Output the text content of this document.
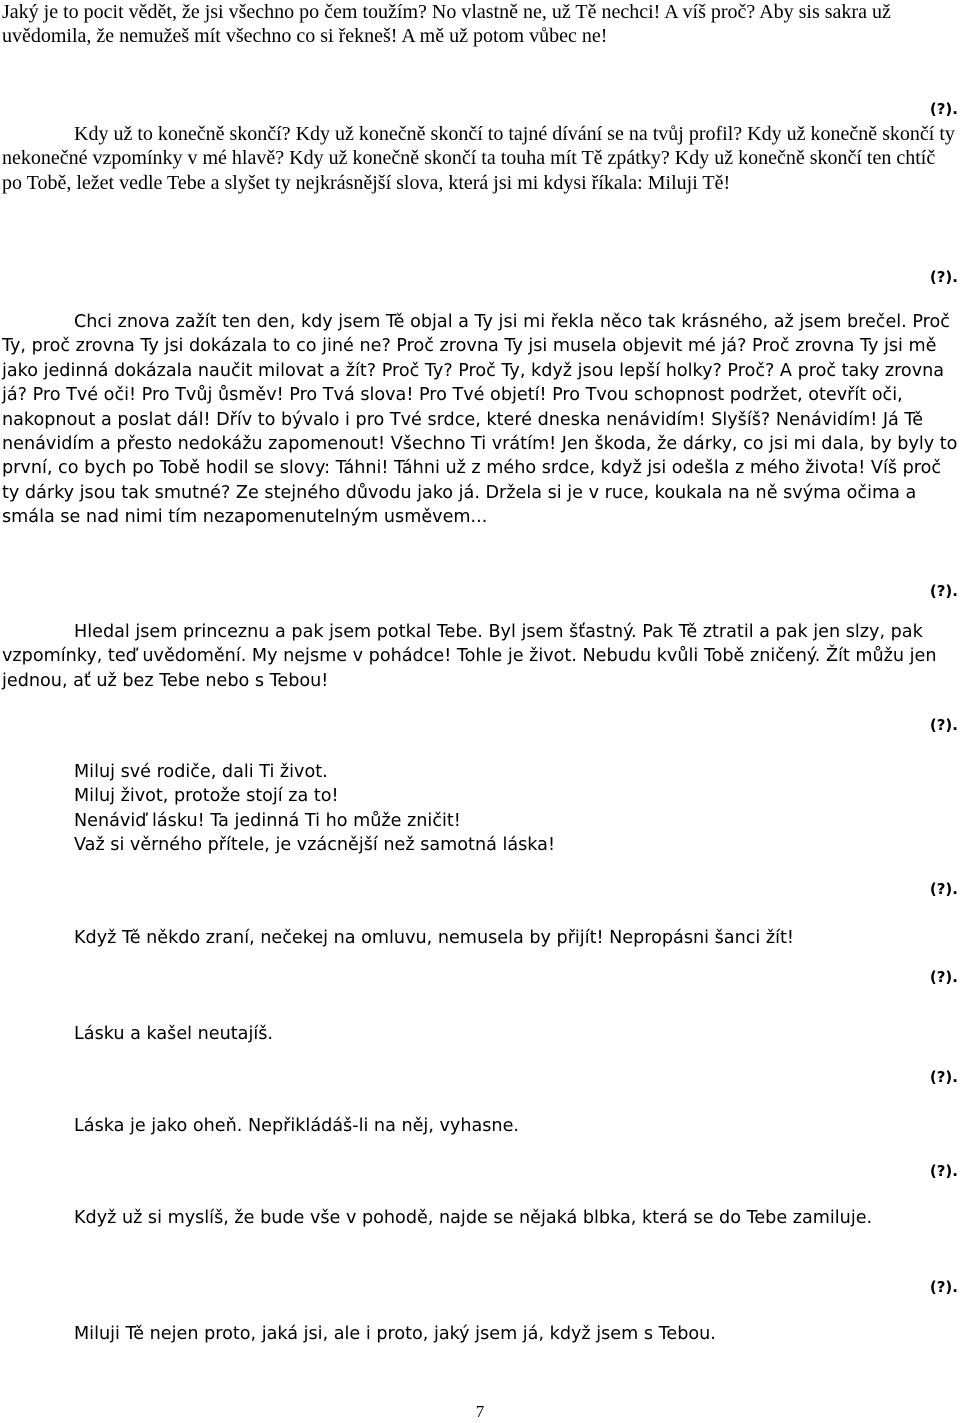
Jaký je to pocit vědět, že jsi všechno po čem toužím? No vlastně ne, už Tě nechci! A víš proč? Aby sis sakra už uvědomila, že nemužeš mít všechno co si řekneš! A mě už potom vůbec ne!
(?).
Kdy už to konečně skončí? Kdy už konečně skončí to tajné dívání se na tvůj profil? Kdy už konečně skončí ty nekonečné vzpomínky v mé hlavě? Kdy už konečně skončí ta touha mít Tě zpátky? Kdy už konečně skončí ten chtíč po Tobě, ležet vedle Tebe a slyšet ty nejkrásnější slova, která jsi mi kdysi říkala: Miluji Tě!
(?).
Chci znova zažít ten den, kdy jsem Tě objal a Ty jsi mi řekla něco tak krásného, až jsem brečel. Proč Ty, proč zrovna Ty jsi dokázala to co jiné ne? Proč zrovna Ty jsi musela objevit mé já? Proč zrovna Ty jsi mě jako jedinná dokázala naučit milovat a žít? Proč Ty? Proč Ty, když jsou lepší holky? Proč? A proč taky zrovna já? Pro Tvé oči! Pro Tvůj ůsměv! Pro Tvá slova! Pro Tvé objetí! Pro Tvou schopnost podržet, otevřít oči, nakopnout a poslat dál! Dřív to bývalo i pro Tvé srdce, které dneska nenávidím! Slyšíš? Nenávidím! Já Tě nenávidím a přesto nedokážu zapomenout! Všechno Ti vrátím! Jen škoda, že dárky, co jsi mi dala, by byly to první, co bych po Tobě hodil se slovy: Táhni! Táhni už z mého srdce, když jsi odešla z mého života! Víš proč ty dárky jsou tak smutné? Ze stejného důvodu jako já. Držela si je v ruce, koukala na ně svýma očima a smála se nad nimi tím nezapomenutelným usměvem...
(?).
Hledal jsem princeznu a pak jsem potkal Tebe. Byl jsem šťastný. Pak Tě ztratil a pak jen slzy, pak vzpomínky, teď uvědomění. My nejsme v pohádce! Tohle je život. Nebudu kvůli Tobě zničený. Žít můžu jen jednou, ať už bez Tebe nebo s Tebou!
(?).
Miluj své rodiče, dali Ti život.
Miluj život, protože stojí za to!
Nenáviď lásku! Ta jedinná Ti ho může zničit!
Važ si věrného přítele, je vzácnější než samotná láska!
(?).
Když Tě někdo zraní, nečekej na omluvu, nemusela by přijít! Nepropásni šanci žít!
(?).
Lásku a kašel neutajíš.
(?).
Láska je jako oheň. Nepřikládáš-li na něj, vyhasne.
(?).
Když už si myslíš, že bude vše v pohodě, najde se nějaká blbka, která se do Tebe zamiluje.
(?).
Miluji Tě nejen proto, jaká jsi, ale i proto, jaký jsem já, když jsem s Tebou.
7
